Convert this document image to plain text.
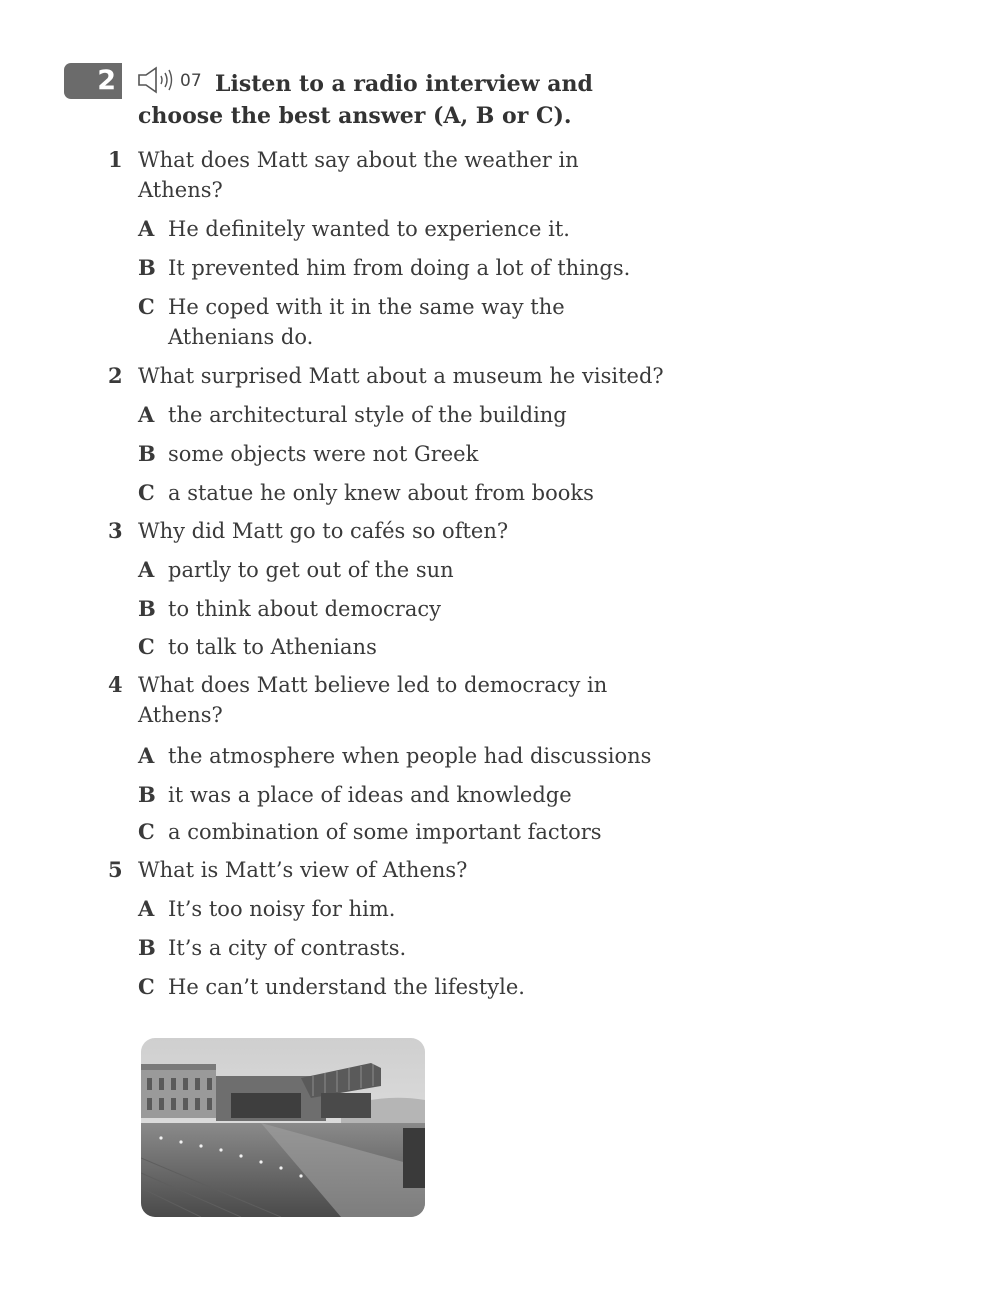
2	07 Listen to a radio interview and choose the best answer (A, B or C).
1 What does Matt say about the weather in Athens?
A He definitely wanted to experience it.
B It prevented him from doing a lot of things.
C He coped with it in the same way the Athenians do.
2 What surprised Matt about a museum he visited?
A the architectural style of the building
B some objects were not Greek
C a statue he only knew about from books
3 Why did Matt go to cafés so often?
A partly to get out of the sun
B to think about democracy
C to talk to Athenians
4 What does Matt believe led to democracy in Athens?
A the atmosphere when people had discussions
B it was a place of ideas and knowledge
C a combination of some important factors
5 What is Matt’s view of Athens?
A It’s too noisy for him.
B It’s a city of contrasts.
C He can’t understand the lifestyle.
